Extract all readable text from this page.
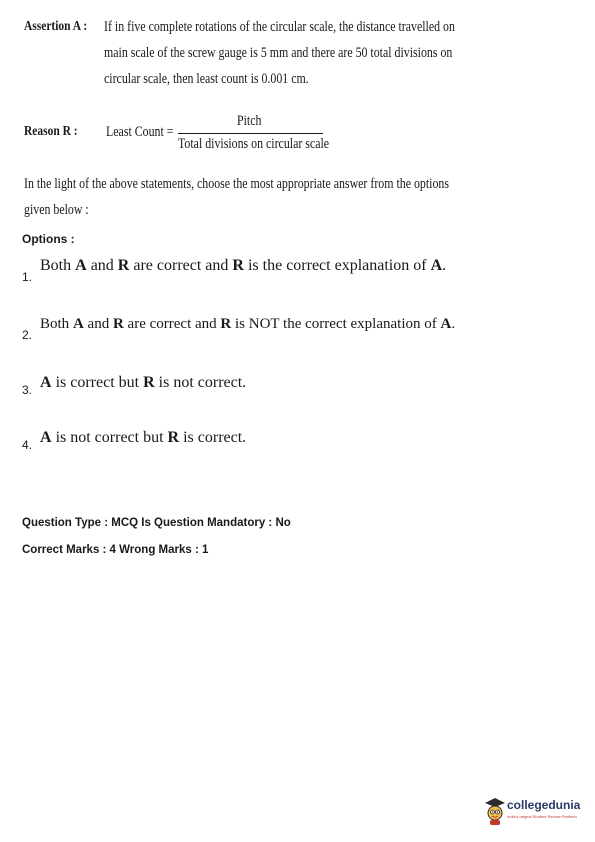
Assertion A : If in five complete rotations of the circular scale, the distance travelled on
main scale of the screw gauge is 5 mm and there are 50 total divisions on
circular scale, then least count is 0.001 cm.
Reason R : Least Count =
Pitch
Total divisions on circular scale
In the light of the above statements, choose the most appropriate answer from the options
given below :
Options :
1.
Both A and R are correct and R is the correct explanation of A.
2.
Both A and R are correct and R is NOT the correct explanation of A.
3. A is correct but R is not correct.
4. A is not correct but R is correct.
Question Type : MCQ Is Question Mandatory : No
Correct Marks : 4 Wrong Marks : 1
collegedunia
India's largest Student Review Platform
